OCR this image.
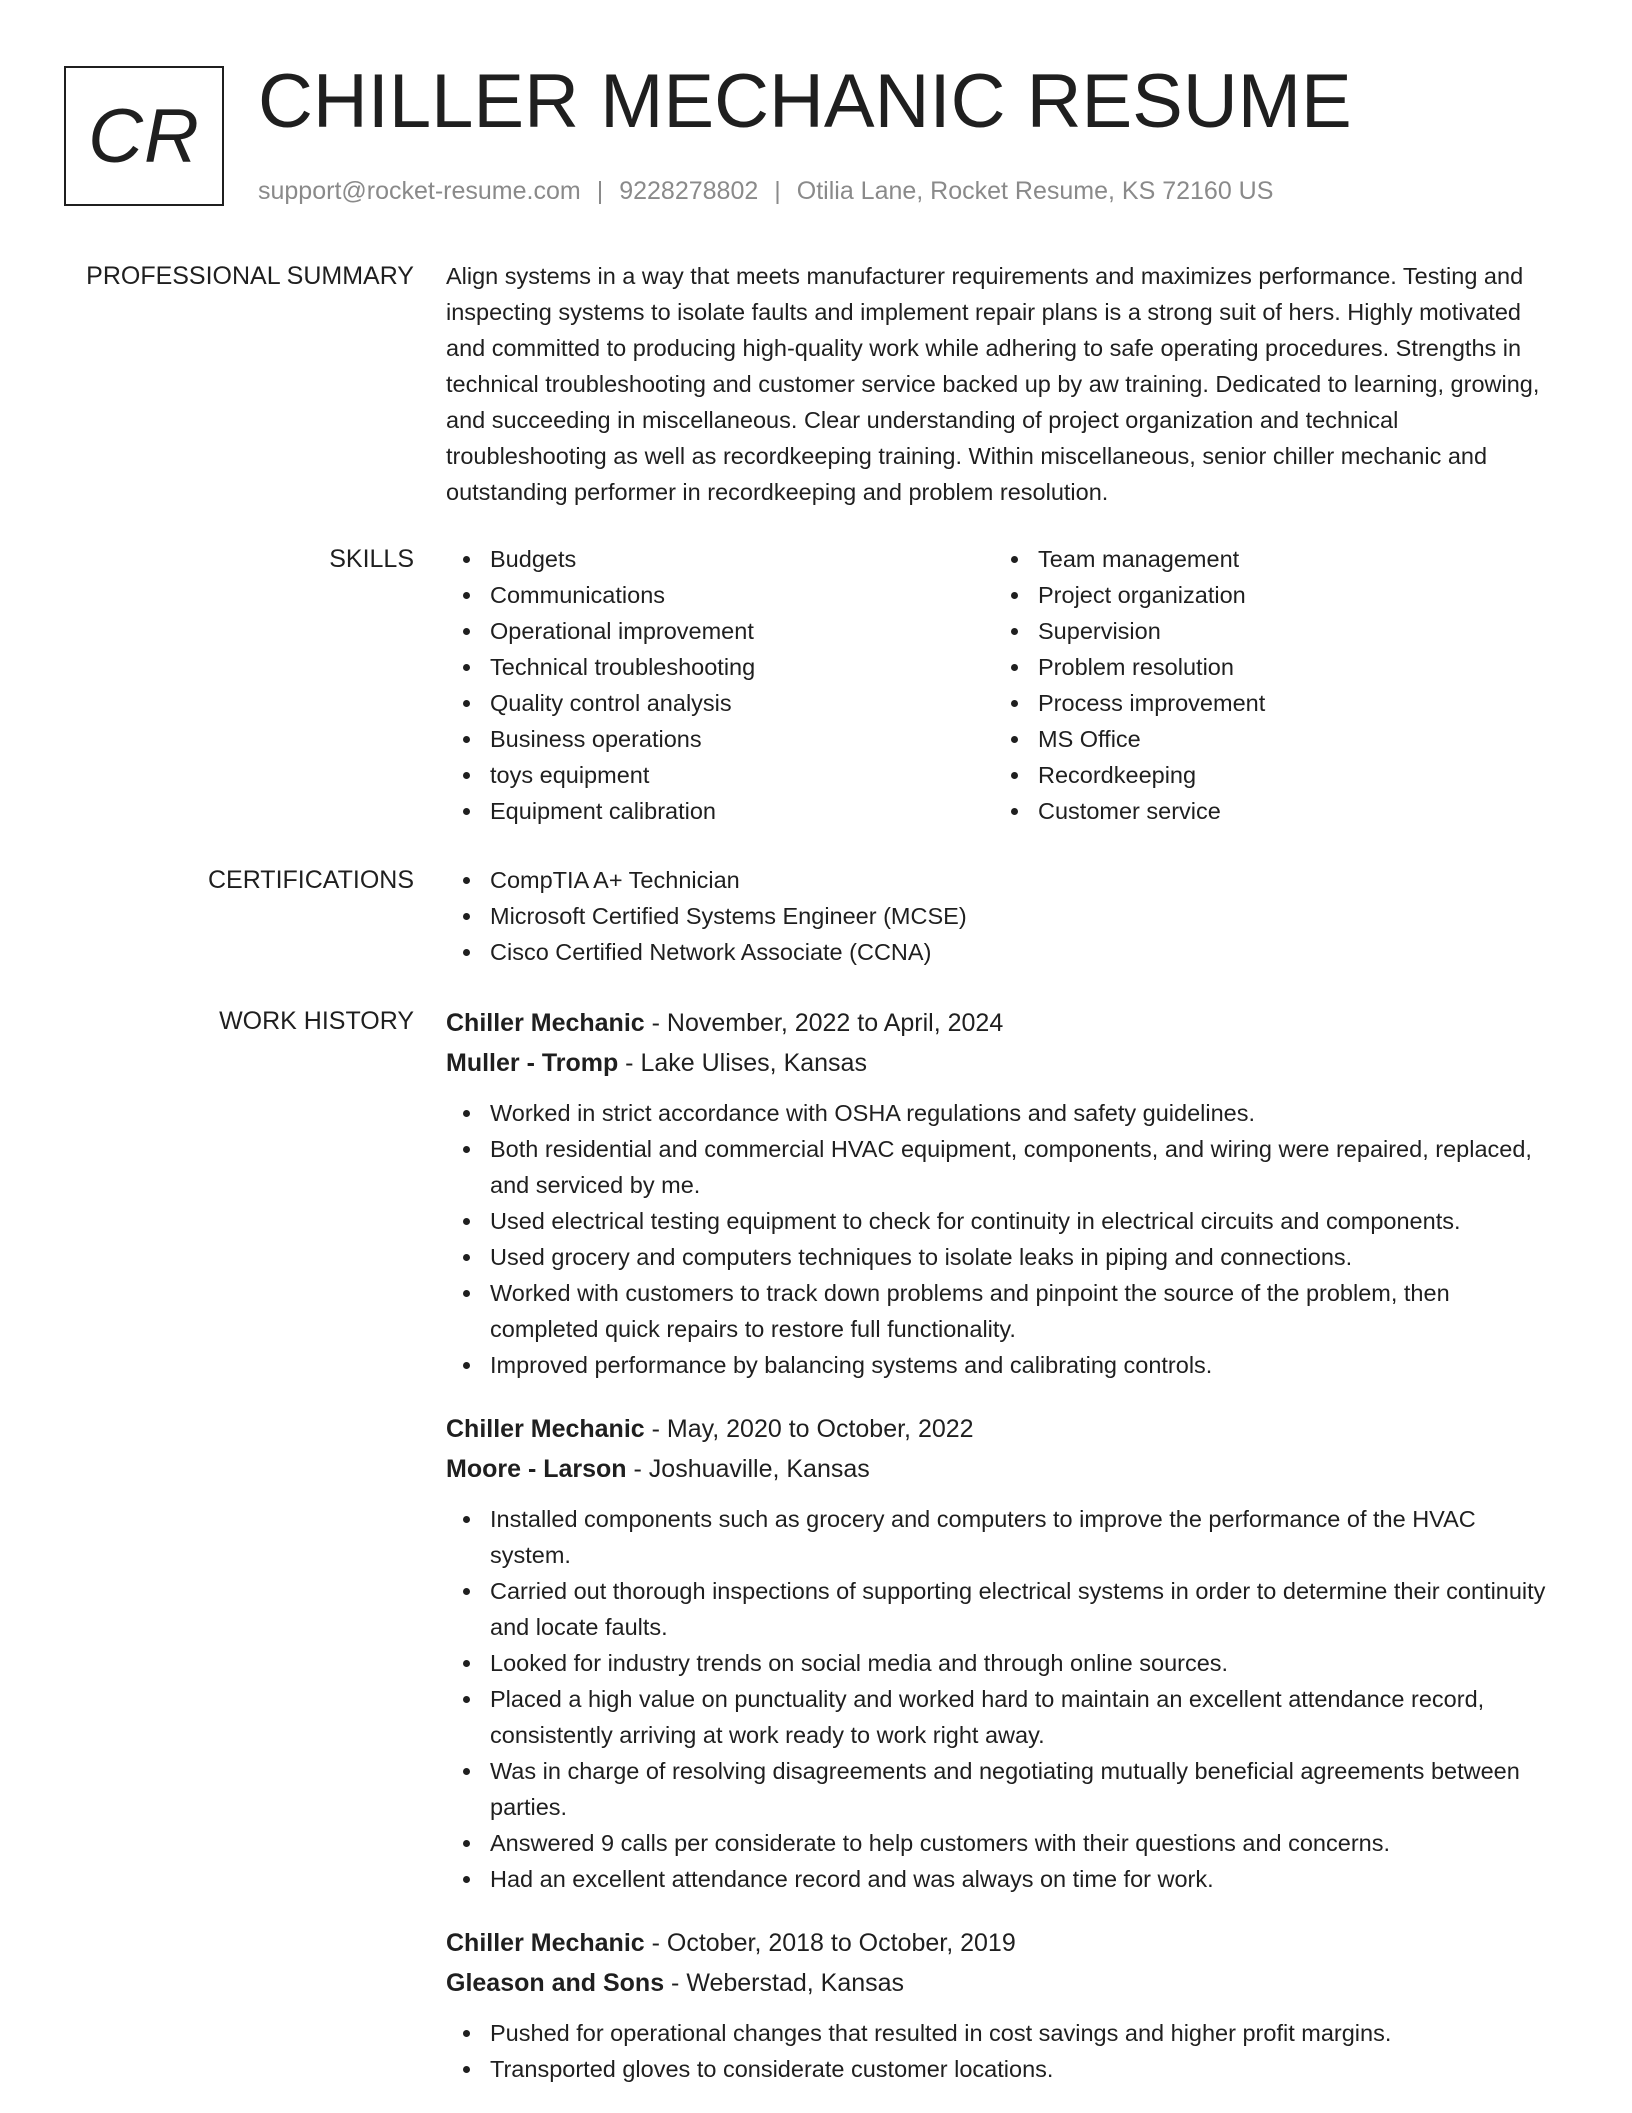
CR CHILLER MECHANIC RESUME
support@rocket-resume.com | 9228278802 | Otilia Lane, Rocket Resume, KS 72160 US
PROFESSIONAL SUMMARY Align systems in a way that meets manufacturer requirements and maximizes performance. Testing and inspecting systems to isolate faults and implement repair plans is a strong suit of hers. Highly motivated and committed to producing high-quality work while adhering to safe operating procedures. Strengths in technical troubleshooting and customer service backed up by aw training. Dedicated to learning, growing, and succeeding in miscellaneous. Clear understanding of project organization and technical troubleshooting as well as recordkeeping training. Within miscellaneous, senior chiller mechanic and outstanding performer in recordkeeping and problem resolution.

SKILLS	Budgets
Communications
Operational improvement
Technical troubleshooting
Quality control analysis
Business operations
toys equipment
Equipment calibration
Team management
Project organization
Supervision
Problem resolution
Process improvement
MS Office
Recordkeeping
Customer service
CERTIFICATIONS	CompTIA A+ Technician
Microsoft Certified Systems Engineer (MCSE)
Cisco Certified Network Associate (CCNA)
WORK HISTORY Chiller Mechanic - November, 2022 to April, 2024
Muller - Tromp - Lake Ulises, Kansas
Worked in strict accordance with OSHA regulations and safety guidelines.
Both residential and commercial HVAC equipment, components, and wiring were repaired, replaced, and serviced by me.
Used electrical testing equipment to check for continuity in electrical circuits and components.
Used grocery and computers techniques to isolate leaks in piping and connections.
Worked with customers to track down problems and pinpoint the source of the problem, then completed quick repairs to restore full functionality.
Improved performance by balancing systems and calibrating controls.
Chiller Mechanic - May, 2020 to October, 2022
Moore - Larson - Joshuaville, Kansas
Installed components such as grocery and computers to improve the performance of the HVAC system.
Carried out thorough inspections of supporting electrical systems in order to determine their continuity and locate faults.
Looked for industry trends on social media and through online sources.
Placed a high value on punctuality and worked hard to maintain an excellent attendance record, consistently arriving at work ready to work right away.
Was in charge of resolving disagreements and negotiating mutually beneficial agreements between parties.
Answered 9 calls per considerate to help customers with their questions and concerns.
Had an excellent attendance record and was always on time for work.
Chiller Mechanic - October, 2018 to October, 2019
Gleason and Sons - Weberstad, Kansas
Pushed for operational changes that resulted in cost savings and higher profit margins.
Transported gloves to considerate customer locations.
